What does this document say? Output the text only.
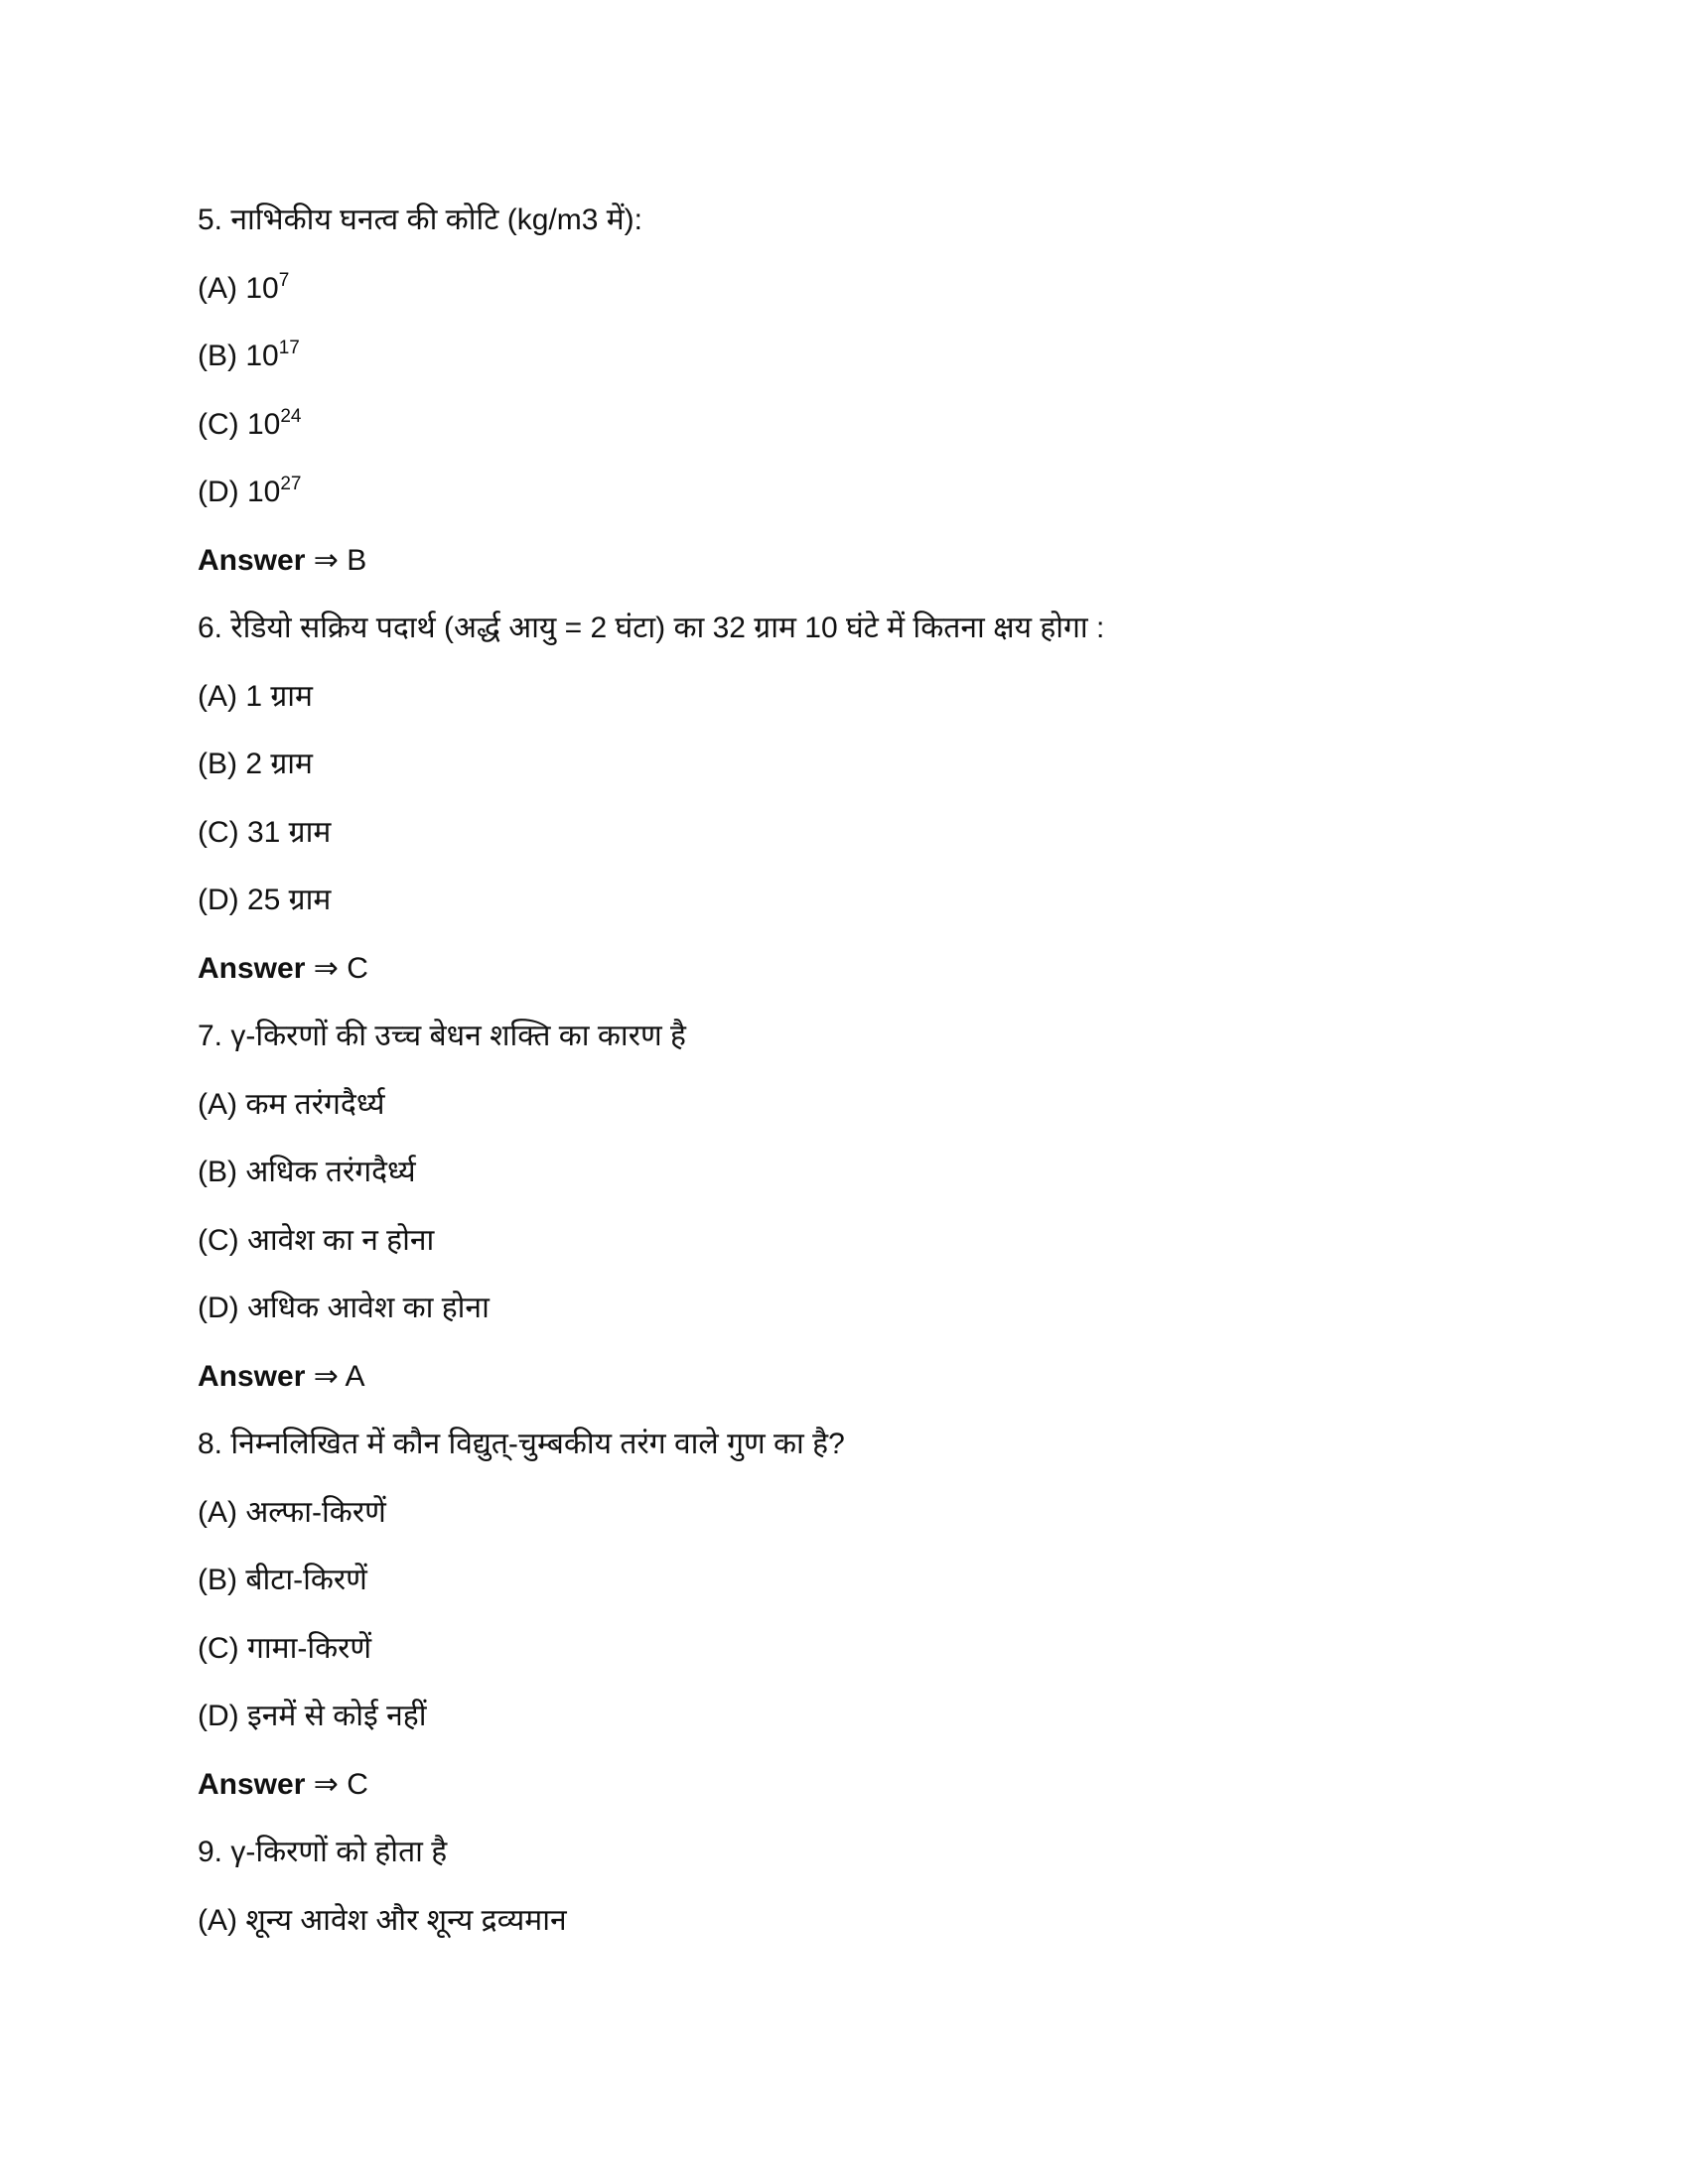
5. नाभिकीय घनत्व की कोटि (kg/m3 में):
(A) $10^7$
(B) $10^{17}$
(C) $10^{24}$
(D) $10^{27}$
Answer ⇒ B
6. रेडियो सक्रिय पदार्थ (अर्द्ध आयु = 2 घंटा) का 32 ग्राम 10 घंटे में कितना क्षय होगा :
(A) 1 ग्राम
(B) 2 ग्राम
(C) 31 ग्राम
(D) 25 ग्राम
Answer ⇒ C
7. γ-किरणों की उच्च बेधन शक्ति का कारण है
(A) कम तरंगदैर्ध्य
(B) अधिक तरंगदैर्ध्य
(C) आवेश का न होना
(D) अधिक आवेश का होना
Answer ⇒ A
8. निम्नलिखित में कौन विद्युत्-चुम्बकीय तरंग वाले गुण का है?
(A) अल्फा-किरणें
(B) बीटा-किरणें
(C) गामा-किरणें
(D) इनमें से कोई नहीं
Answer ⇒ C
9. γ-किरणों को होता है
(A) शून्य आवेश और शून्य द्रव्यमान
